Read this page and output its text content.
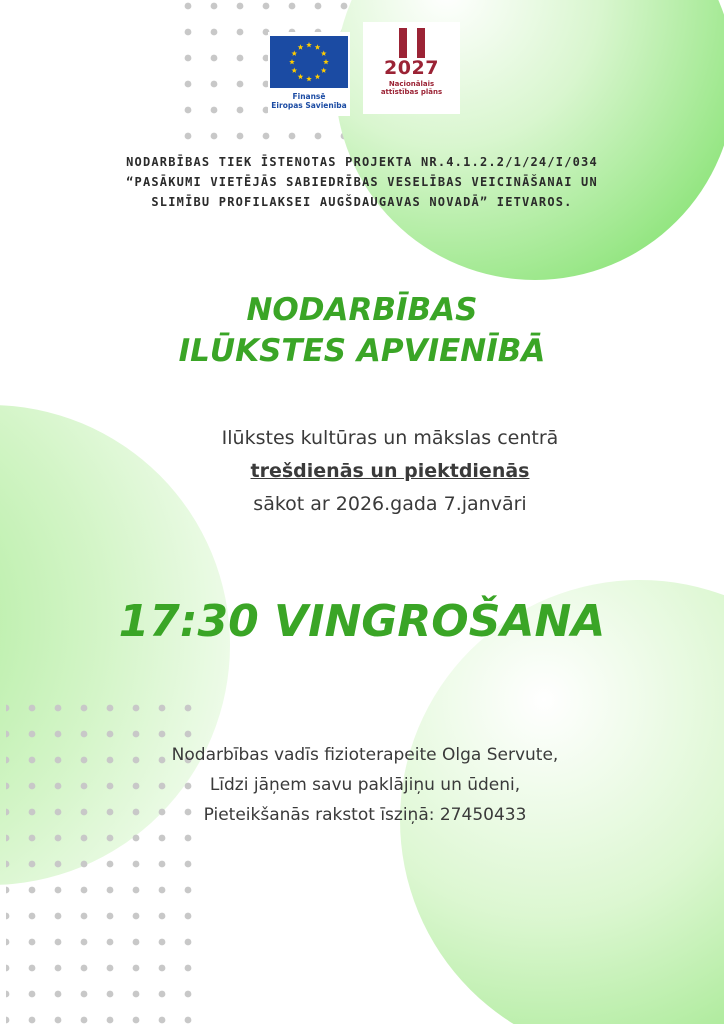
Finansē
Eiropas Savienība
2027
Nacionālais
attīstības plāns
NODARBĪBAS TIEK ĪSTENOTAS PROJEKTA NR.4.1.2.2/1/24/I/034
“PASĀKUMI VIETĒJĀS SABIEDRĪBAS VESELĪBAS VEICINĀŠANAI UN
SLIMĪBU PROFILAKSEI AUGŠDAUGAVAS NOVADĀ” IETVAROS.
NODARBĪBAS
ILŪKSTES APVIENĪBĀ
Ilūkstes kultūras un mākslas centrā
trešdienās un piektdienās
sākot ar 2026.gada 7.janvāri
17:30 VINGROŠANA
Nodarbības vadīs fizioterapeite Olga Servute,
Līdzi jāņem savu paklājiņu un ūdeni,
Pieteikšanās rakstot īsziņā: 27450433
